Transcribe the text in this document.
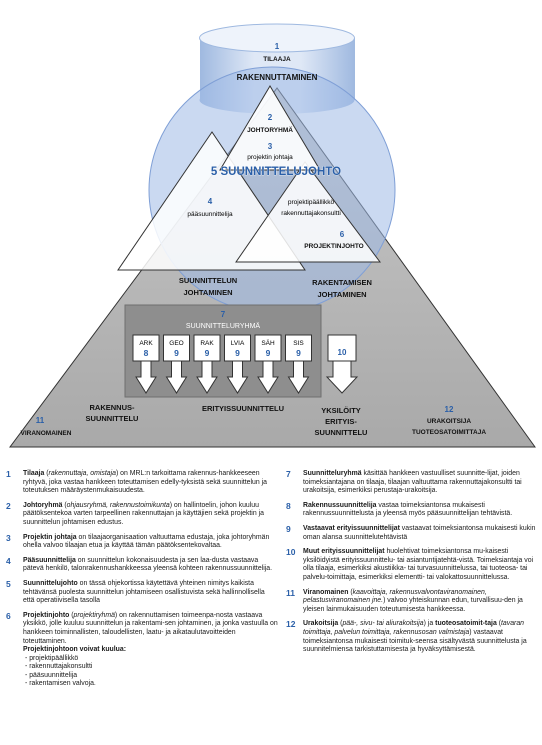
ARK
8
GEO
9
RAK
9
LVIA
9
SÄH
9
SIS
9
1
TILAAJA
RAKENNUTTAMINEN
2
JOHTORYHMÄ
3
projektin johtaja
5 SUUNNITTELUJOHTO
4
pääsuunnittelija
projektipäällikkö
rakennuttajakonsultti
6
PROJEKTINJOHTO
SUUNNITTELUN
JOHTAMINEN
RAKENTAMISEN
JOHTAMINEN
7
SUUNNITTELURYHMÄ
10
RAKENNUS-
SUUNNITTELU
ERITYISSUUNNITTELU	YKSILÖITY
ERITYIS-
SUUNNITTELU
11
VIRANOMAINEN
12
URAKOITSIJA
TUOTEOSATOIMITTAJA
1 Tilaaja (rakennuttaja, omistaja) on MRL:n tarkoittama rakennus-hankkeeseen ryhtyvä, joka vastaa hankkeen toteuttamisen edelly-tyksistä sekä suunnittelun ja toteutuksen määräystenmukaisuudesta.
2 Johtoryhmä (ohjausryhmä, rakennustoimikunta) on hallintoelin, johon kuuluu päätöksentekoa varten tarpeellinen rakennuttajan ja käyttäjien sekä projektin ja suunnittelun johtamisen edustus.
3 Projektin johtaja on tilaajaorganisaation valtuuttama edustaja, joka johtoryhmän ohella valvoo tilaajan etua ja käyttää tämän päätöksentekovaltaa.
4 Pääsuunnittelija on suunnittelun kokonaisuudesta ja sen laa-dusta vastaava pätevä henkilö, talonrakennushankkeessa yleensä kohteen rakennussuunnittelija.
5 Suunnittelujohto on tässä ohjekortissa käytettävä yhteinen nimitys kaikista tehtävänsä puolesta suunnittelun johtamiseen osallistuvista sekä hallinnollisella että operatiivisella tasolla
6 Projektinjohto (projektiryhmä) on rakennuttamisen toimeenpa-nosta vastaava yksikkö, jolle kuuluu suunnittelun ja rakentami-sen johtaminen, ja jonka vastuulla on hankkeen toiminnallisten, taloudellisten, laatu- ja aikataulutavoitteiden toteuttaminen.
Projektinjohtoon voivat kuulua:
- projektipäällikkö
- rakennuttajakonsultti
- pääsuunnittelija
- rakentamisen valvoja.
7 Suunnitteluryhmä käsittää hankkeen vastuulliset suunnitte-lijat, joiden toimeksiantajana on tilaaja, tilaajan valtuuttama rakennuttajakonsultti tai urakoitsija, esimerkiksi perustaja-urakoitsija.
8 Rakennussuunnittelija vastaa toimeksiantonsa mukaisesti rakennussuunnittelusta ja yleensä myös pääsuunnittelijan tehtävistä.
9 Vastaavat erityissuunnittelijat vastaavat toimeksiantonsa mukaisesti kukin oman alansa suunnittelutehtävistä
10 Muut erityissuunnittelijat huolehtivat toimeksiantonsa mu-kaisesti yksilöidyistä erityissuunnittelu- tai asiantuntijatehtä-vistä. Toimeksiantaja voi olla tilaaja, esimerkiksi akustiikka- tai turvasuunnittelussa, tai tuoteosa- tai palvelu-toimittaja, esimerkiksi elementti- tai valokattosuunnittelussa.
11 Viranomainen (kaavoittaja, rakennusvalvontaviranomainen, pelastusviranomainen jne.) valvoo yhteiskunnan edun, turvallisuu-den ja yleisen lainmukaisuuden toteutumisesta hankkeessa.
12 Urakoitsija (pää-, sivu- tai aliurakoitsija) ja tuoteosatoimit-taja (tavaran toimittaja, palvelun toimittaja, rakennusosan valmistaja) vastaavat toimeksiantonsa mukaisesti toimituk-seensa sisältyvästä suunnittelusta ja suunnitelmiensa tarkistuttamisesta ja hyväksyttämisestä.
